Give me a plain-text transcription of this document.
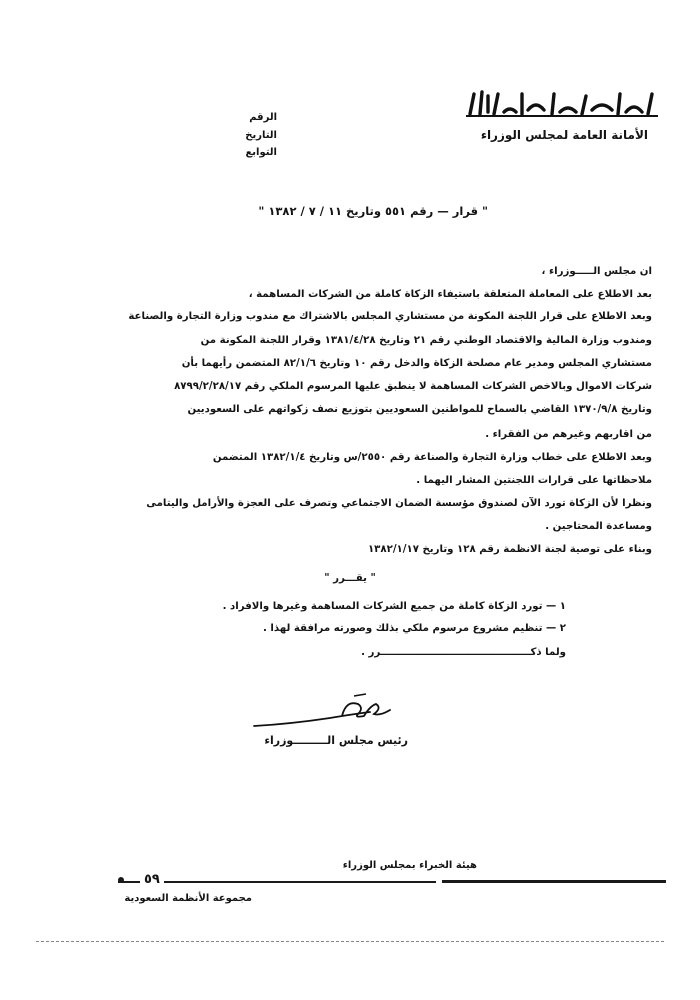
الأمانة العامة لمجلس الوزراء
الرقم
التاريخ
التوابع
" قرار — رقم ٥٥١ وتاريخ ١١ / ٧ / ١٣٨٢ "
ان مجلس الـــــوزراء ،
بعد الاطلاع على المعاملة المتعلقة باستيفاء الزكاة كاملة من الشركات المساهمة ،
وبعد الاطلاع على قرار اللجنة المكونة من مستشاري المجلس بالاشتراك مع مندوب وزارة التجارة والصناعة
ومندوب وزارة المالية والاقتصاد الوطني رقم ٢١ وتاريخ ١٣٨١/٤/٢٨ وقرار اللجنة المكونة من
مستشاري المجلس ومدير عام مصلحة الزكاة والدخل رقم ١٠ وتاريخ ٨٢/١/٦ المتضمن رأيهما بأن
شركات الاموال وبالاخص الشركات المساهمة لا ينطبق عليها المرسوم الملكي رقم ٨٧٩٩/٢/٢٨/١٧
وتاريخ ١٣٧٠/٩/٨ القاضي بالسماح للمواطنين السعوديين بتوزيع نصف زكواتهم على السعوديين
من اقاربهم وغيرهم من الفقراء .
وبعد الاطلاع على خطاب وزارة التجارة والصناعة رقم ٢٥٥٠/س وتاريخ ١٣٨٢/١/٤ المتضمن
ملاحظاتها على قرارات اللجنتين المشار اليهما .
ونظرا لأن الزكاة تورد الآن لصندوق مؤسسة الضمان الاجتماعي وتصرف على العجزة والأرامل واليتامى
ومساعدة المحتاجين .
وبناء على توصية لجنة الانظمة رقم ١٢٨ وتاريخ ١٣٨٢/١/١٧
" يقـــرر "
١ — تورد الزكاة كاملة من جميع الشركات المساهمة وغيرها والافراد .
٢ — تنظيم مشروع مرسوم ملكي بذلك وصورته مرافقة لهذا .
ولما ذكـــــــــــــــــــــــــــــــــــــــــــرر .
رئيس مجلس الـــــــــوزراء
هيئة الخبراء بمجلس الوزراء
٥٩
مجموعة الأنظمة السعودية
